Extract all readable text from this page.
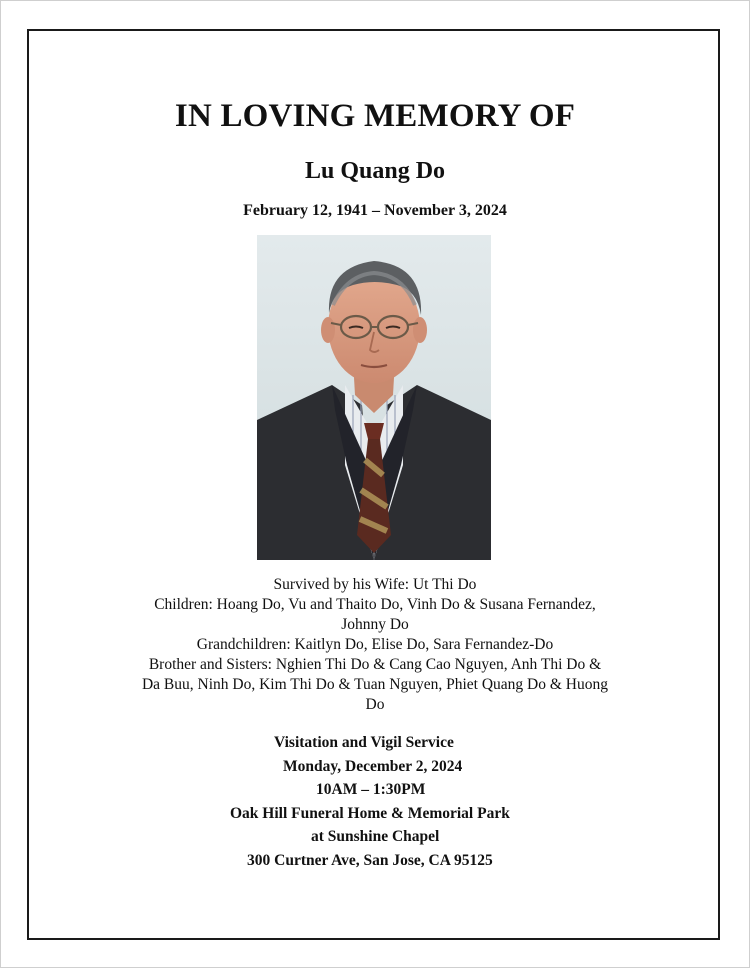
IN LOVING MEMORY OF
Lu Quang Do
February 12, 1941 – November 3, 2024

Survived by his Wife: Ut Thi Do

Children: Hoang Do, Vu and Thaito Do, Vinh Do & Susana Fernandez, Johnny Do

Grandchildren: Kaitlyn Do, Elise Do, Sara Fernandez-Do

Brother and Sisters: Nghien Thi Do & Cang Cao Nguyen, Anh Thi Do & Da Buu, Ninh Do, Kim Thi Do & Tuan Nguyen, Phiet Quang Do & Huong Do

Visitation and Vigil Service

Monday, December 2, 2024

10AM – 1:30PM

Oak Hill Funeral Home & Memorial Park

at Sunshine Chapel

300 Curtner Ave, San Jose, CA 95125
